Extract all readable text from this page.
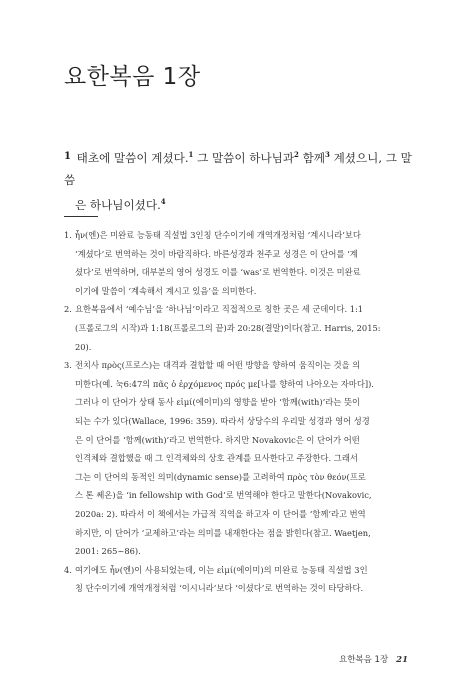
요한복음 1장

1 태초에 말씀이 계셨다.$^1$ 그 말씀이 하나님과$^2$ 함께$^3$ 계셨으니, 그 말씀
은 하나님이셨다.$^4$

1. ἦν(엔)은 미완료 능동태 직설법 3인칭 단수이기에 개역개정처럼 ‘계시니라’보다
‘계셨다’로 번역하는 것이 바람직하다. 바른성경과 천주교 성경은 이 단어를 ‘계
셨다’로 번역하며, 대부분의 영어 성경도 이를 ‘was’로 번역한다. 이것은 미완료
이기에 말씀이 ‘계속해서 계시고 있음’을 의미한다.
2. 요한복음에서 ‘예수님’을 ‘하나님’이라고 직접적으로 칭한 곳은 세 군데이다. 1:1
(프롤로그의 시작)과 1:18(프롤로그의 끝)과 20:28(결말)이다(참고. Harris, 2015:
20).
3. 전치사 πρὸς(프로스)는 대격과 결합할 때 어떤 방향을 향하여 움직이는 것을 의
미한다(예. 눅6:47의 πᾶς ὁ ἐρχόμενος πρός με[나를 향하여 나아오는 자마다]).
그러나 이 단어가 상태 동사 εἰμί(에이미)의 영향을 받아 ‘함께(with)’라는 뜻이
되는 수가 있다(Wallace, 1996: 359). 따라서 상당수의 우리말 성경과 영어 성경
은 이 단어를 ‘함께(with)’라고 번역한다. 하지만 Novakovic은 이 단어가 어떤
인격체와 결합했을 때 그 인격체와의 상호 관계를 묘사한다고 주장한다. 그래서
그는 이 단어의 동적인 의미(dynamic sense)를 고려하여 πρὸς τὸν θεόν(프로
스 톤 쎄온)을 ‘in fellowship with God’로 번역해야 한다고 말한다(Novakovic,
2020a: 2). 따라서 이 책에서는 가급적 직역을 하고자 이 단어를 ‘함께’라고 번역
하지만, 이 단어가 ‘교제하고’라는 의미를 내재한다는 점을 밝힌다(참고. Waetjen,
2001: 265~86).
4. 여기에도 ἦν(엔)이 사용되었는데, 이는 εἰμί(에이미)의 미완료 능동태 직설법 3인
칭 단수이기에 개역개정처럼 ‘이시니라’보다 ‘이셨다’로 번역하는 것이 타당하다.
요한복음 1장 21
